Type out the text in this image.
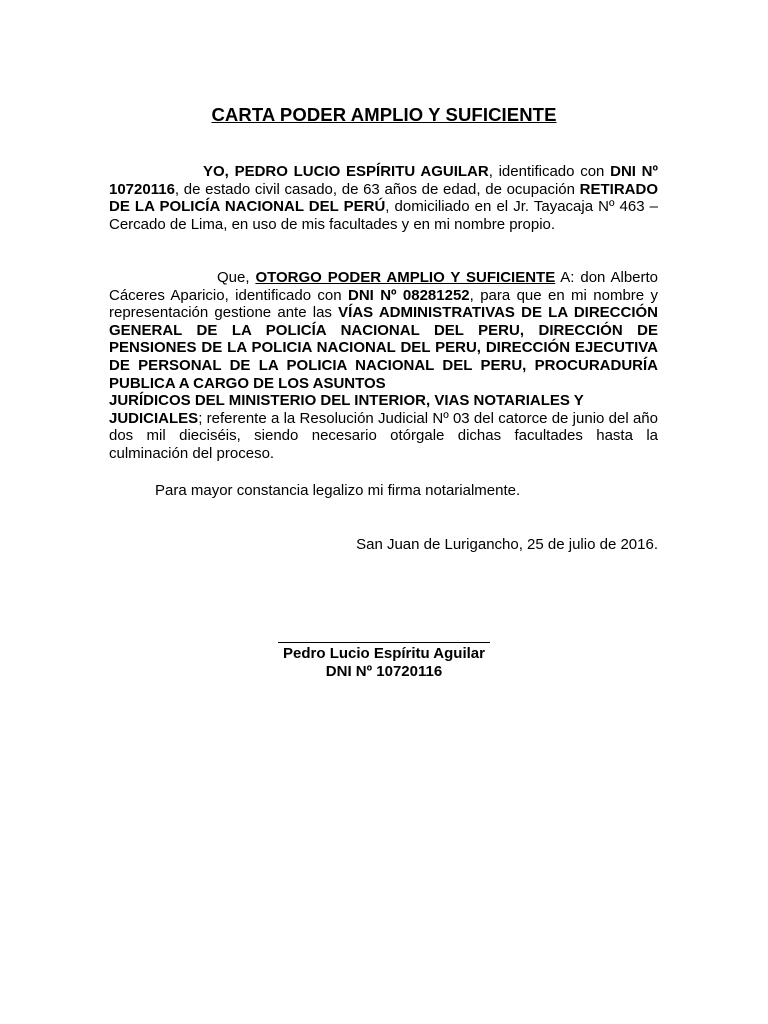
CARTA PODER AMPLIO Y SUFICIENTE
YO, PEDRO LUCIO ESPÍRITU AGUILAR, identificado con DNI Nº 10720116, de estado civil casado, de 63 años de edad, de ocupación RETIRADO DE LA POLICÍA NACIONAL DEL PERÚ, domiciliado en el Jr. Tayacaja Nº 463 – Cercado de Lima, en uso de mis facultades y en mi nombre propio.
Que, OTORGO PODER AMPLIO Y SUFICIENTE A: don Alberto Cáceres Aparicio, identificado con DNI Nº 08281252, para que en mi nombre y representación gestione ante las VÍAS ADMINISTRATIVAS DE LA DIRECCIÓN GENERAL DE LA POLICÍA NACIONAL DEL PERU, DIRECCIÓN DE PENSIONES DE LA POLICIA NACIONAL DEL PERU, DIRECCIÓN EJECUTIVA DE PERSONAL DE LA POLICIA NACIONAL DEL PERU, PROCURADURÍA PUBLICA A CARGO DE LOS ASUNTOS
JURÍDICOS DEL MINISTERIO DEL INTERIOR, VIAS NOTARIALES Y
JUDICIALES; referente a la Resolución Judicial Nº 03 del catorce de junio del año dos mil dieciséis, siendo necesario otórgale dichas facultades hasta la culminación del proceso.
Para mayor constancia legalizo mi firma notarialmente.
San Juan de Lurigancho, 25 de julio de 2016.
Pedro Lucio Espíritu Aguilar
DNI Nº 10720116
